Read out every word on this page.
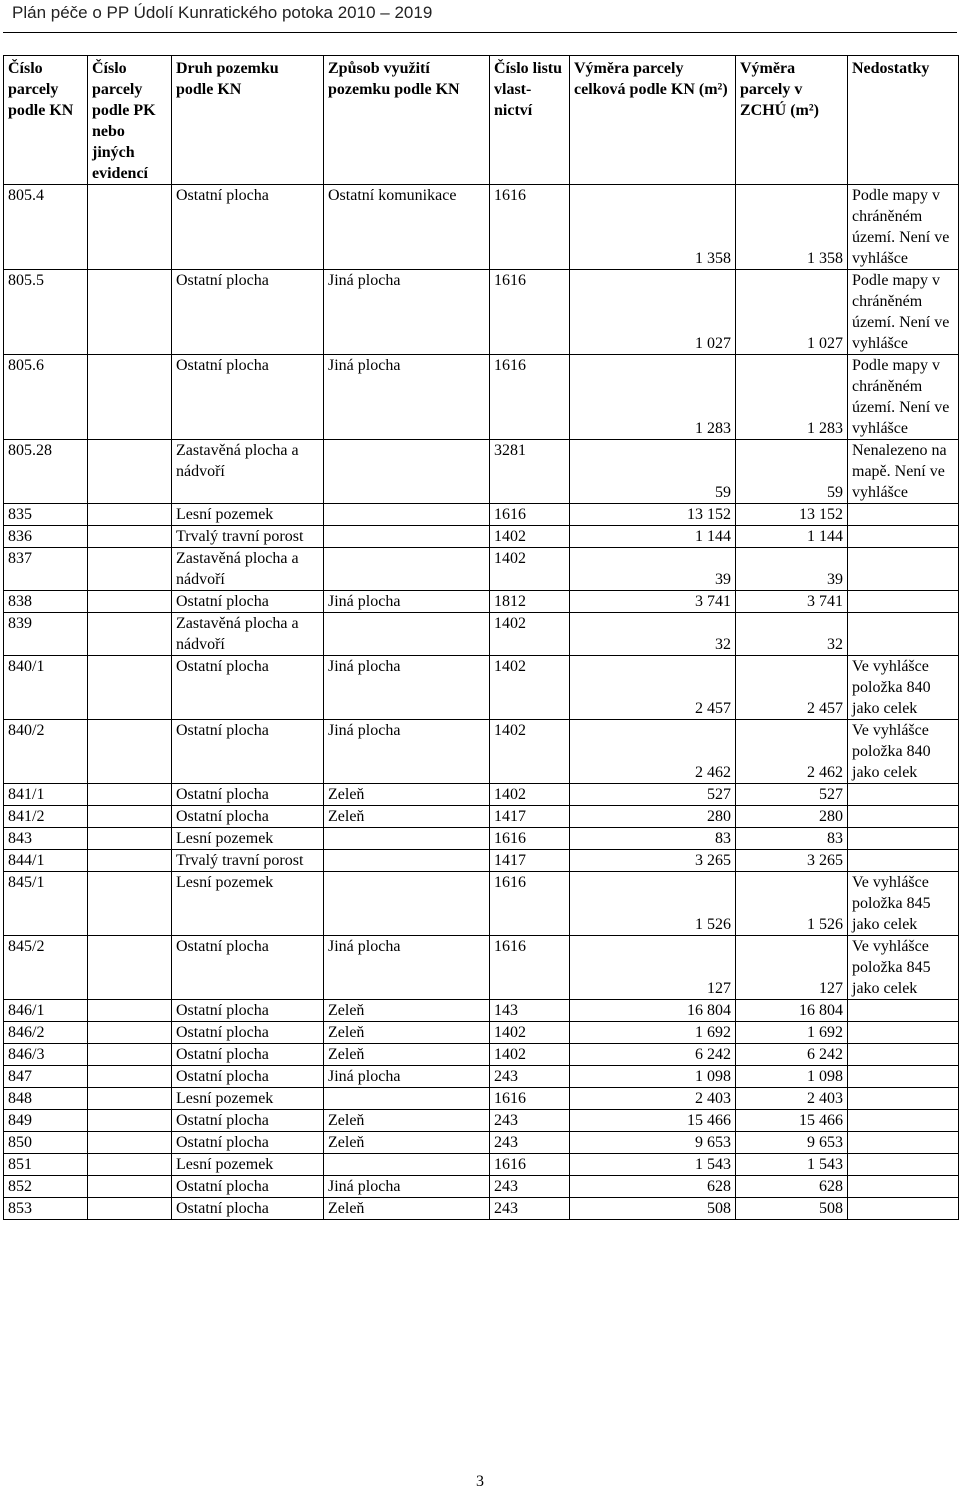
Plán péče o PP Údolí Kunratického potoka 2010 – 2019
Číslo parcely podle KN	Číslo parcely podle PK nebo jiných evidencí	Druh pozemku podle KN	Způsob využití pozemku podle KN	Číslo listu vlast-nictví	Výměra parcely celková podle KN (m²)	Výměra parcely v ZCHÚ (m²)	Nedostatky
805.4		Ostatní plocha	Ostatní komunikace	1616	1 358	1 358	Podle mapy v chráněném území. Není ve vyhlášce
805.5		Ostatní plocha	Jiná plocha	1616	1 027	1 027	Podle mapy v chráněném území. Není ve vyhlášce
805.6		Ostatní plocha	Jiná plocha	1616	1 283	1 283	Podle mapy v chráněném území. Není ve vyhlášce
805.28		Zastavěná plocha a nádvoří		3281	59	59	Nenalezeno na mapě. Není ve vyhlášce
835		Lesní pozemek		1616	13 152	13 152	
836		Trvalý travní porost		1402	1 144	1 144	
837		Zastavěná plocha a nádvoří		1402	39	39	
838		Ostatní plocha	Jiná plocha	1812	3 741	3 741	
839		Zastavěná plocha a nádvoří		1402	32	32	
840/1		Ostatní plocha	Jiná plocha	1402	2 457	2 457	Ve vyhlášce položka 840 jako celek
840/2		Ostatní plocha	Jiná plocha	1402	2 462	2 462	Ve vyhlášce položka 840 jako celek
841/1		Ostatní plocha	Zeleň	1402	527	527	
841/2		Ostatní plocha	Zeleň	1417	280	280	
843		Lesní pozemek		1616	83	83	
844/1		Trvalý travní porost		1417	3 265	3 265	
845/1		Lesní pozemek		1616	1 526	1 526	Ve vyhlášce položka 845 jako celek
845/2		Ostatní plocha	Jiná plocha	1616	127	127	Ve vyhlášce položka 845 jako celek
846/1		Ostatní plocha	Zeleň	143	16 804	16 804	
846/2		Ostatní plocha	Zeleň	1402	1 692	1 692	
846/3		Ostatní plocha	Zeleň	1402	6 242	6 242	
847		Ostatní plocha	Jiná plocha	243	1 098	1 098	
848		Lesní pozemek		1616	2 403	2 403	
849		Ostatní plocha	Zeleň	243	15 466	15 466	
850		Ostatní plocha	Zeleň	243	9 653	9 653	
851		Lesní pozemek		1616	1 543	1 543	
852		Ostatní plocha	Jiná plocha	243	628	628	
853		Ostatní plocha	Zeleň	243	508	508	
3
